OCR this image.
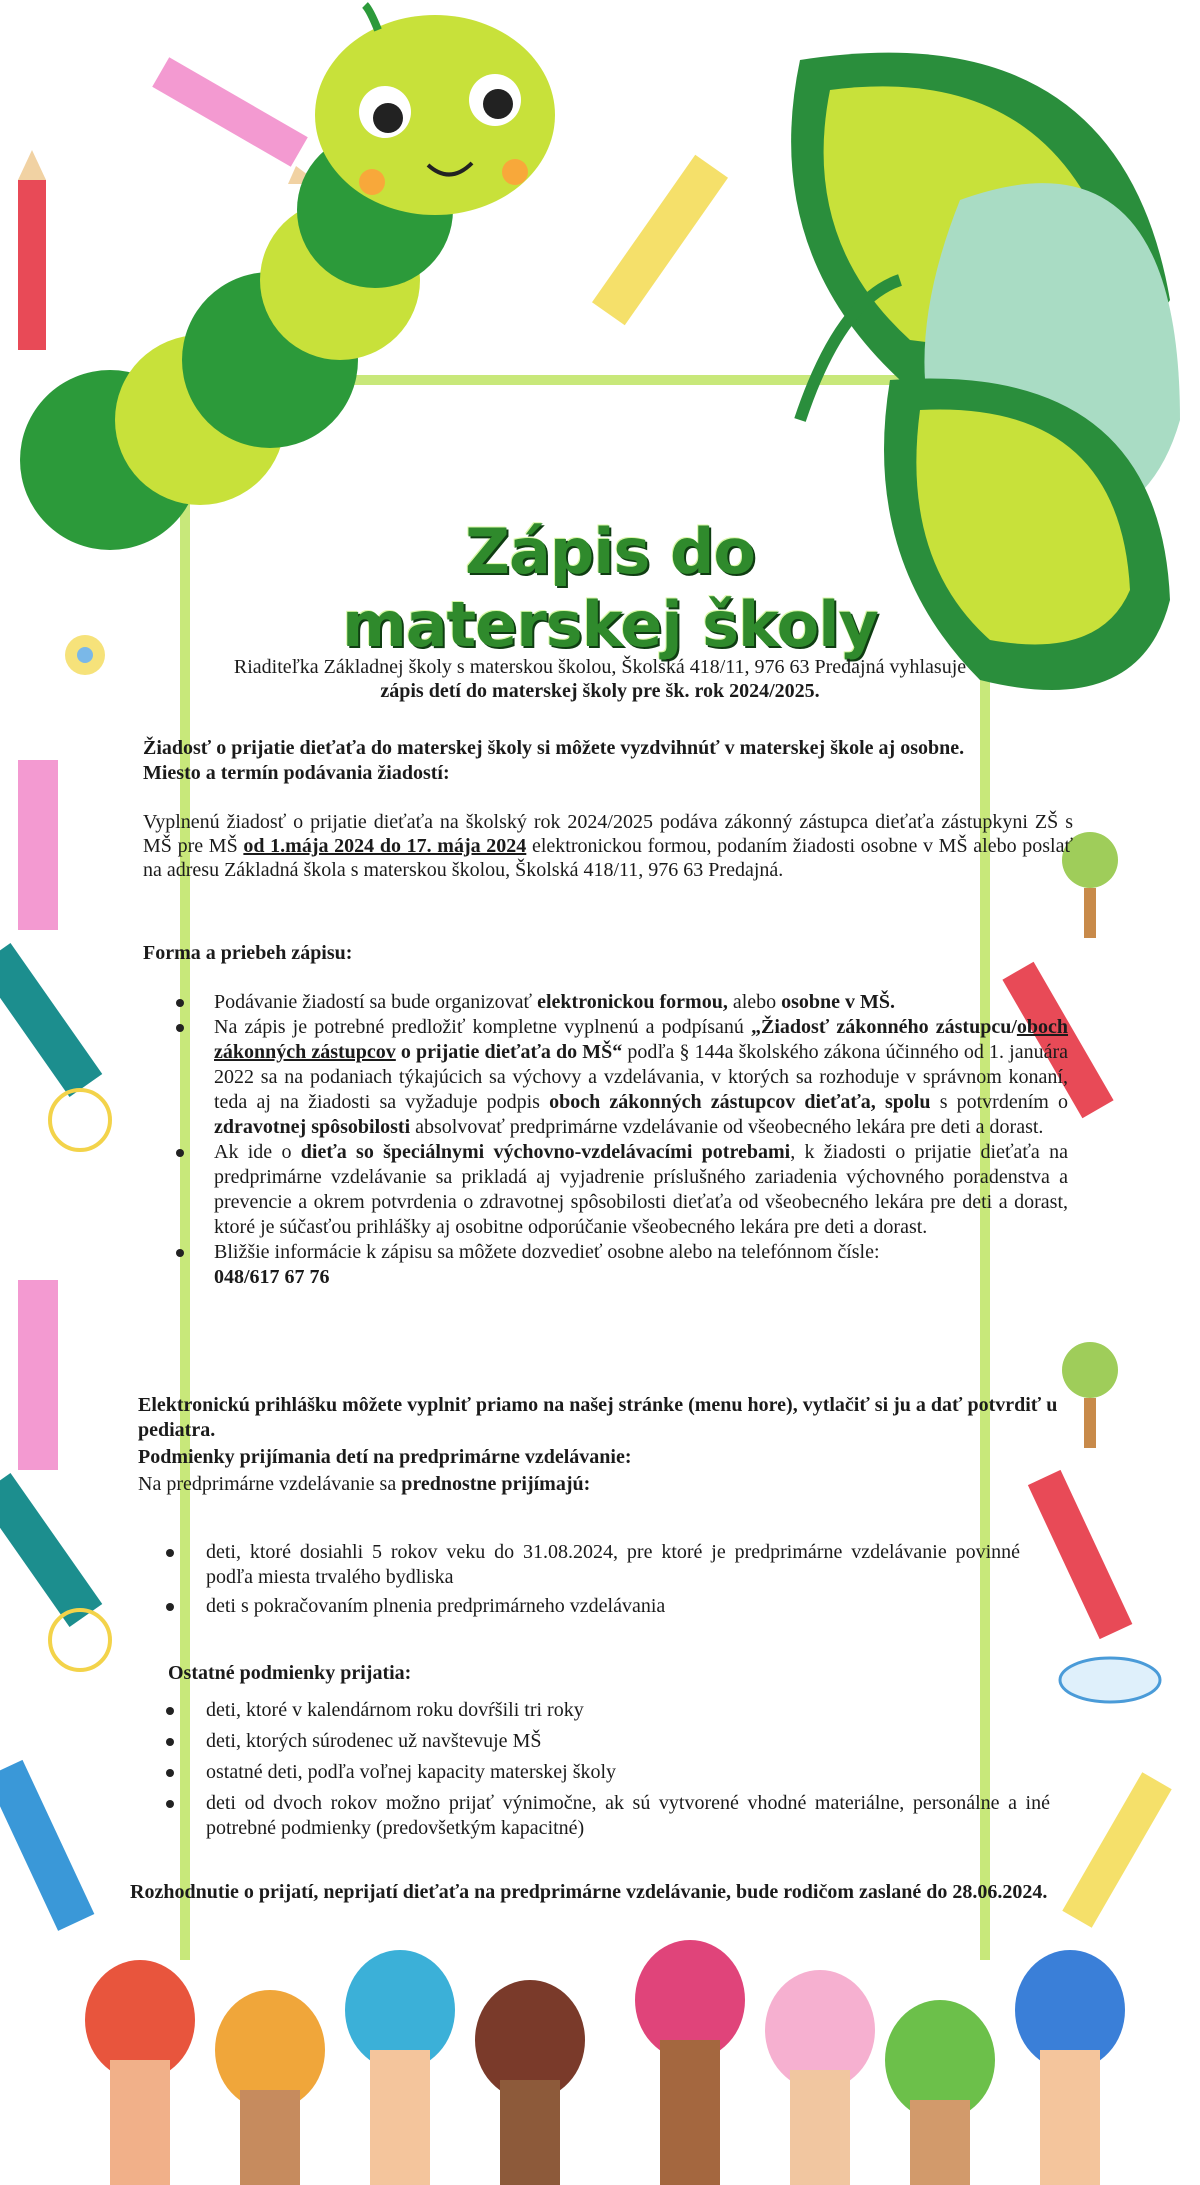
Zápis do materskej školy
Riaditeľka Základnej školy s materskou školou, Školská 418/11, 976 63 Predajná vyhlasuje
zápis detí do materskej školy pre šk. rok 2024/2025.
Žiadosť o prijatie dieťaťa do materskej školy si môžete vyzdvihnúť v materskej škole aj osobne.
Miesto a termín podávania žiadostí:
Vyplnenú žiadosť o prijatie dieťaťa na školský rok 2024/2025 podáva zákonný zástupca dieťaťa zástupkyni ZŠ s MŠ pre MŠ od 1.mája 2024 do 17. mája 2024 elektronickou formou, podaním žiadosti osobne v MŠ alebo poslať na adresu Základná škola s materskou školou, Školská 418/11, 976 63 Predajná.
Forma a priebeh zápisu:
Podávanie žiadostí sa bude organizovať elektronickou formou, alebo osobne v MŠ.
Na zápis je potrebné predložiť kompletne vyplnenú a podpísanú „Žiadosť zákonného zástupcu/oboch zákonných zástupcov o prijatie dieťaťa do MŠ“ podľa § 144a školského zákona účinného od 1. januára 2022 sa na podaniach týkajúcich sa výchovy a vzdelávania, v ktorých sa rozhoduje v správnom konaní, teda aj na žiadosti sa vyžaduje podpis oboch zákonných zástupcov dieťaťa, spolu s potvrdením o zdravotnej spôsobilosti absolvovať predprimárne vzdelávanie od všeobecného lekára pre deti a dorast.
Ak ide o dieťa so špeciálnymi výchovno-vzdelávacími potrebami, k žiadosti o prijatie dieťaťa na predprimárne vzdelávanie sa prikladá aj vyjadrenie príslušného zariadenia výchovného poradenstva a prevencie a okrem potvrdenia o zdravotnej spôsobilosti dieťaťa od všeobecného lekára pre deti a dorast, ktoré je súčasťou prihlášky aj osobitne odporúčanie všeobecného lekára pre deti a dorast.
Bližšie informácie k zápisu sa môžete dozvedieť osobne alebo na telefónnom čísle:
048/617 67 76
Elektronickú prihlášku môžete vyplniť priamo na našej stránke (menu hore), vytlačiť si ju a dať potvrdiť u pediatra.
Podmienky prijímania detí na predprimárne vzdelávanie:
Na predprimárne vzdelávanie sa prednostne prijímajú:
deti, ktoré dosiahli 5 rokov veku do 31.08.2024, pre ktoré je predprimárne vzdelávanie povinné podľa miesta trvalého bydliska
deti s pokračovaním plnenia predprimárneho vzdelávania
Ostatné podmienky prijatia:
deti, ktoré v kalendárnom roku dovŕšili tri roky
deti, ktorých súrodenec už navštevuje MŠ
ostatné deti, podľa voľnej kapacity materskej školy
deti od dvoch rokov možno prijať výnimočne, ak sú vytvorené vhodné materiálne, personálne a iné potrebné podmienky (predovšetkým kapacitné)
Rozhodnutie o prijatí, neprijatí dieťaťa na predprimárne vzdelávanie, bude rodičom zaslané do 28.06.2024.
